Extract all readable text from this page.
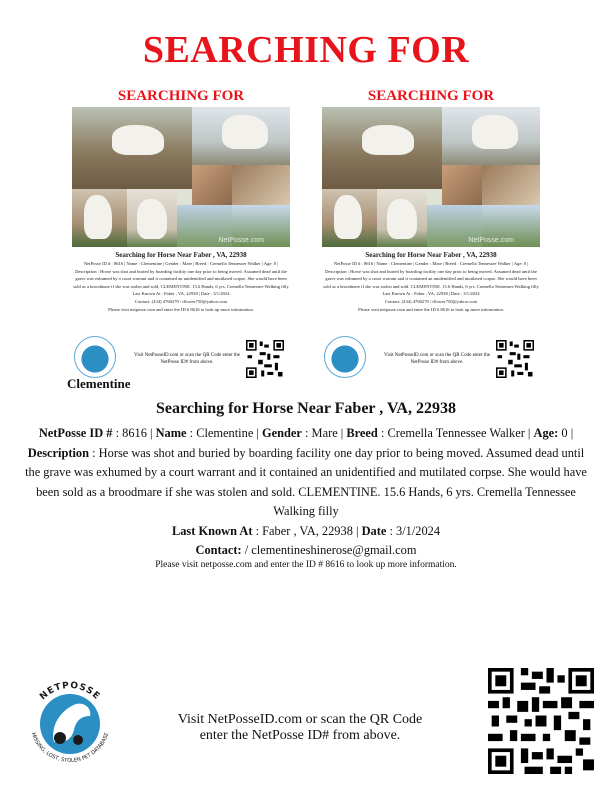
SEARCHING FOR
SEARCHING FOR
NetPosse.com
Searching for Horse Near Faber , VA, 22938
NetPosse ID # : 8616 | Name : Clementine | Gender : Mare | Breed : Cremella Tennessee Walker | Age: 0 |
Description : Horse was shot and buried by boarding facility one day prior to being moved. Assumed dead until the grave was exhumed by a court warrant and it contained an unidentified and mutilated corpse. She would have been sold as a broodmare if she was stolen and sold. CLEMENTINE. 15.6 Hands, 6 yrs. Cremella Tennessee Walking filly
Last Known At : Faber , VA, 22938 | Date : 3/1/2024
Contact: (434) 4760270 / tflower750@yahoo.com
Please visit netposse.com and enter the ID # 8616 to look up more information.
Visit NetPosseID.com or scan the QR Code enter the NetPosse ID# from above.
SEARCHING FOR
NetPosse.com
Searching for Horse Near Faber , VA, 22938
NetPosse ID # : 8616 | Name : Clementine | Gender : Mare | Breed : Cremella Tennessee Walker | Age: 0 |
Description : Horse was shot and buried by boarding facility one day prior to being moved. Assumed dead until the grave was exhumed by a court warrant and it contained an unidentified and mutilated corpse. She would have been sold as a broodmare if she was stolen and sold. CLEMENTINE. 15.6 Hands, 6 yrs. Cremella Tennessee Walking filly
Last Known At : Faber , VA, 22938 | Date : 3/1/2024
Contact: (434) 4760270 / tflower750@yahoo.com
Please visit netposse.com and enter the ID # 8616 to look up more information.
Visit NetPosseID.com or scan the QR Code enter the NetPosse ID# from above.
Clementine
Searching for Horse Near Faber , VA, 22938
NetPosse ID # : 8616 | Name : Clementine | Gender : Mare | Breed : Cremella Tennessee Walker | Age: 0 |
Description : Horse was shot and buried by boarding facility one day prior to being moved. Assumed dead until the grave was exhumed by a court warrant and it contained an unidentified and mutilated corpse. She would have been sold as a broodmare if she was stolen and sold. CLEMENTINE. 15.6 Hands, 6 yrs. Cremella Tennessee Walking filly
Last Known At : Faber , VA, 22938 | Date : 3/1/2024
Contact: / clementineshinerose@gmail.com
Please visit netposse.com and enter the ID # 8616 to look up more information.
NETPOSSE
MISSING, LOST, STOLEN PET DATABASE
Visit NetPosseID.com or scan the QR Code
enter the NetPosse ID# from above.
